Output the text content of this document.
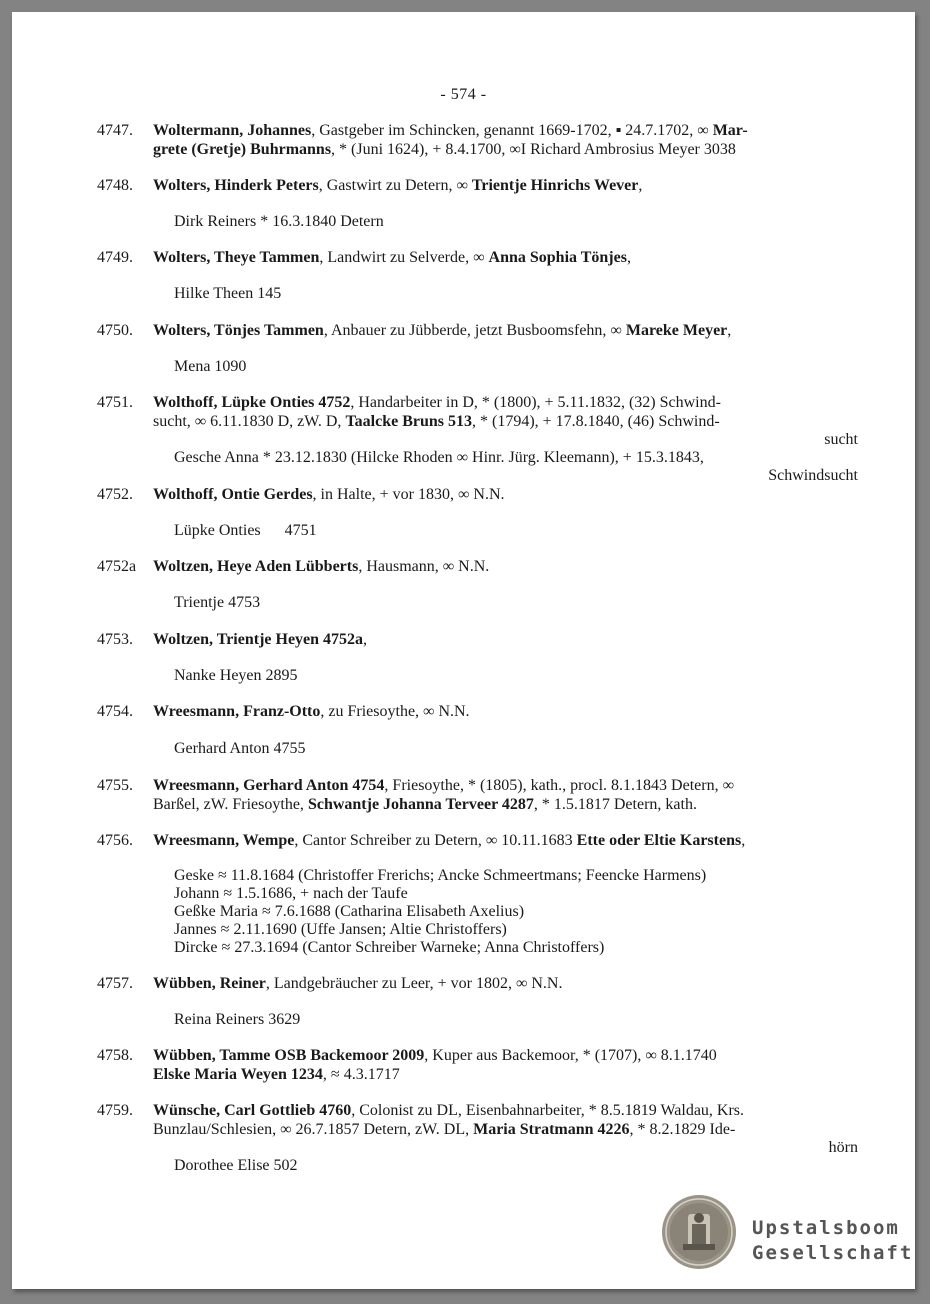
- 574 -
4747.	Woltermann, Johannes, Gastgeber im Schincken, genannt 1669-1702, ▪ 24.7.1702, ∞ Mar-
grete (Gretje) Buhrmanns, * (Juni 1624), + 8.4.1700, ∞I Richard Ambrosius Meyer 3038
4748.	Wolters, Hinderk Peters, Gastwirt zu Detern, ∞ Trientje Hinrichs Wever,
Dirk Reiners * 16.3.1840 Detern
4749.	Wolters, Theye Tammen, Landwirt zu Selverde, ∞ Anna Sophia Tönjes,
Hilke Theen 145
4750.	Wolters, Tönjes Tammen, Anbauer zu Jübberde, jetzt Busboomsfehn, ∞ Mareke Meyer,
Mena 1090
4751.	Wolthoff, Lüpke Onties 4752, Handarbeiter in D, * (1800), + 5.11.1832, (32) Schwind-
sucht, ∞ 6.11.1830 D, zW. D, Taalcke Bruns 513, * (1794), + 17.8.1840, (46) Schwind-
sucht
Gesche Anna * 23.12.1830 (Hilcke Rhoden ∞ Hinr. Jürg. Kleemann), + 15.3.1843,
Schwindsucht
4752.	Wolthoff, Ontie Gerdes, in Halte, + vor 1830, ∞ N.N.
Lüpke Onties      4751
4752a	Woltzen, Heye Aden Lübberts, Hausmann, ∞ N.N.
Trientje 4753
4753.	Woltzen, Trientje Heyen 4752a,
Nanke Heyen 2895
4754.	Wreesmann, Franz-Otto, zu Friesoythe, ∞ N.N.
Gerhard Anton 4755
4755.	Wreesmann, Gerhard Anton 4754, Friesoythe, * (1805), kath., procl. 8.1.1843 Detern, ∞
Barßel, zW. Friesoythe, Schwantje Johanna Terveer 4287, * 1.5.1817 Detern, kath.
4756.	Wreesmann, Wempe, Cantor Schreiber zu Detern, ∞ 10.11.1683 Ette oder Eltie Karstens,
Geske ≈ 11.8.1684 (Christoffer Frerichs; Ancke Schmeertmans; Feencke Harmens)
Johann ≈ 1.5.1686, + nach der Taufe
Geßke Maria ≈ 7.6.1688 (Catharina Elisabeth Axelius)
Jannes ≈ 2.11.1690 (Uffe Jansen; Altie Christoffers)
Dircke ≈ 27.3.1694 (Cantor Schreiber Warneke; Anna Christoffers)
4757.	Wübben, Reiner, Landgebräucher zu Leer, + vor 1802, ∞ N.N.
Reina Reiners 3629
4758.	Wübben, Tamme OSB Backemoor 2009, Kuper aus Backemoor, * (1707), ∞ 8.1.1740
Elske Maria Weyen 1234, ≈ 4.3.1717
4759.	Wünsche, Carl Gottlieb 4760, Colonist zu DL, Eisenbahnarbeiter, * 8.5.1819 Waldau, Krs.
Bunzlau/Schlesien, ∞ 26.7.1857 Detern, zW. DL, Maria Stratmann 4226, * 8.2.1829 Ide-
hörn
Dorothee Elise 502
Upstalsboom
Gesellschaft
